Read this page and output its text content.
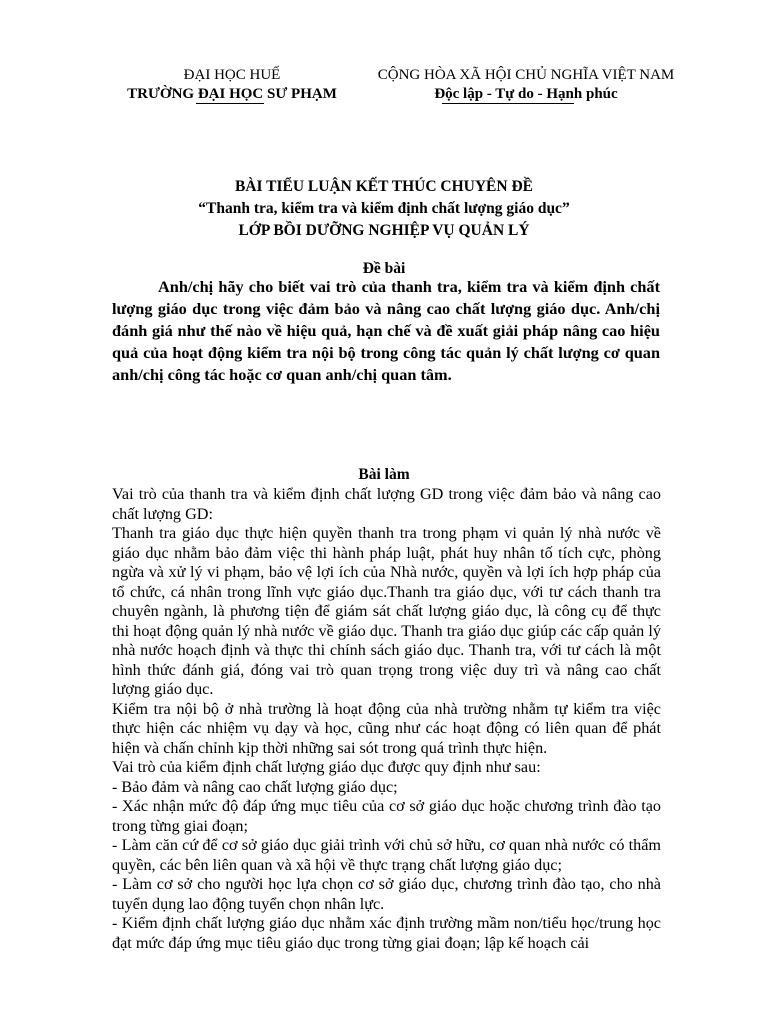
ĐẠI HỌC HUẾ
TRƯỜNG ĐẠI HỌC SƯ PHẠM
CỘNG HÒA XÃ HỘI CHỦ NGHĨA VIỆT NAM
Độc lập - Tự do - Hạnh phúc
BÀI TIỂU LUẬN KẾT THÚC CHUYÊN ĐỀ
“Thanh tra, kiểm tra và kiểm định chất lượng giáo dục”
LỚP BỒI DƯỠNG NGHIỆP VỤ QUẢN LÝ
Đề bài
Anh/chị hãy cho biết vai trò của thanh tra, kiểm tra và kiểm định chất lượng giáo dục trong việc đảm bảo và nâng cao chất lượng giáo dục. Anh/chị đánh giá như thế nào về hiệu quả, hạn chế và đề xuất giải pháp nâng cao hiệu quả của hoạt động kiểm tra nội bộ trong công tác quản lý chất lượng cơ quan anh/chị công tác hoặc cơ quan anh/chị quan tâm.
Bài làm

Vai trò của thanh tra và kiểm định chất lượng GD trong việc đảm bảo và nâng cao chất lượng GD:

Thanh tra giáo dục thực hiện quyền thanh tra trong phạm vi quản lý nhà nước về giáo dục nhằm bảo đảm việc thi hành pháp luật, phát huy nhân tố tích cực, phòng ngừa và xử lý vi phạm, bảo vệ lợi ích của Nhà nước, quyền và lợi ích hợp pháp của tổ chức, cá nhân trong lĩnh vực giáo dục.Thanh tra giáo dục, với tư cách thanh tra chuyên ngành, là phương tiện để giám sát chất lượng giáo dục, là công cụ để thực thi hoạt động quản lý nhà nước về giáo dục. Thanh tra giáo dục giúp các cấp quản lý nhà nước hoạch định và thực thi chính sách giáo dục. Thanh tra, với tư cách là một hình thức đánh giá, đóng vai trò quan trọng trong việc duy trì và nâng cao chất lượng giáo dục.

Kiểm tra nội bộ ở nhà trường là hoạt động của nhà trường nhằm tự kiểm tra việc thực hiện các nhiệm vụ dạy và học, cũng như các hoạt động có liên quan để phát hiện và chấn chỉnh kịp thời những sai sót trong quá trình thực hiện.

Vai trò của kiểm định chất lượng giáo dục được quy định như sau:

- Bảo đảm và nâng cao chất lượng giáo dục;

- Xác nhận mức độ đáp ứng mục tiêu của cơ sở giáo dục hoặc chương trình đào tạo trong từng giai đoạn;

- Làm căn cứ để cơ sở giáo dục giải trình với chủ sở hữu, cơ quan nhà nước có thẩm quyền, các bên liên quan và xã hội về thực trạng chất lượng giáo dục;

- Làm cơ sở cho người học lựa chọn cơ sở giáo dục, chương trình đào tạo, cho nhà tuyển dụng lao động tuyển chọn nhân lực.

- Kiểm định chất lượng giáo dục nhằm xác định trường mầm non/tiểu học/trung học đạt mức đáp ứng mục tiêu giáo dục trong từng giai đoạn; lập kế hoạch cải
